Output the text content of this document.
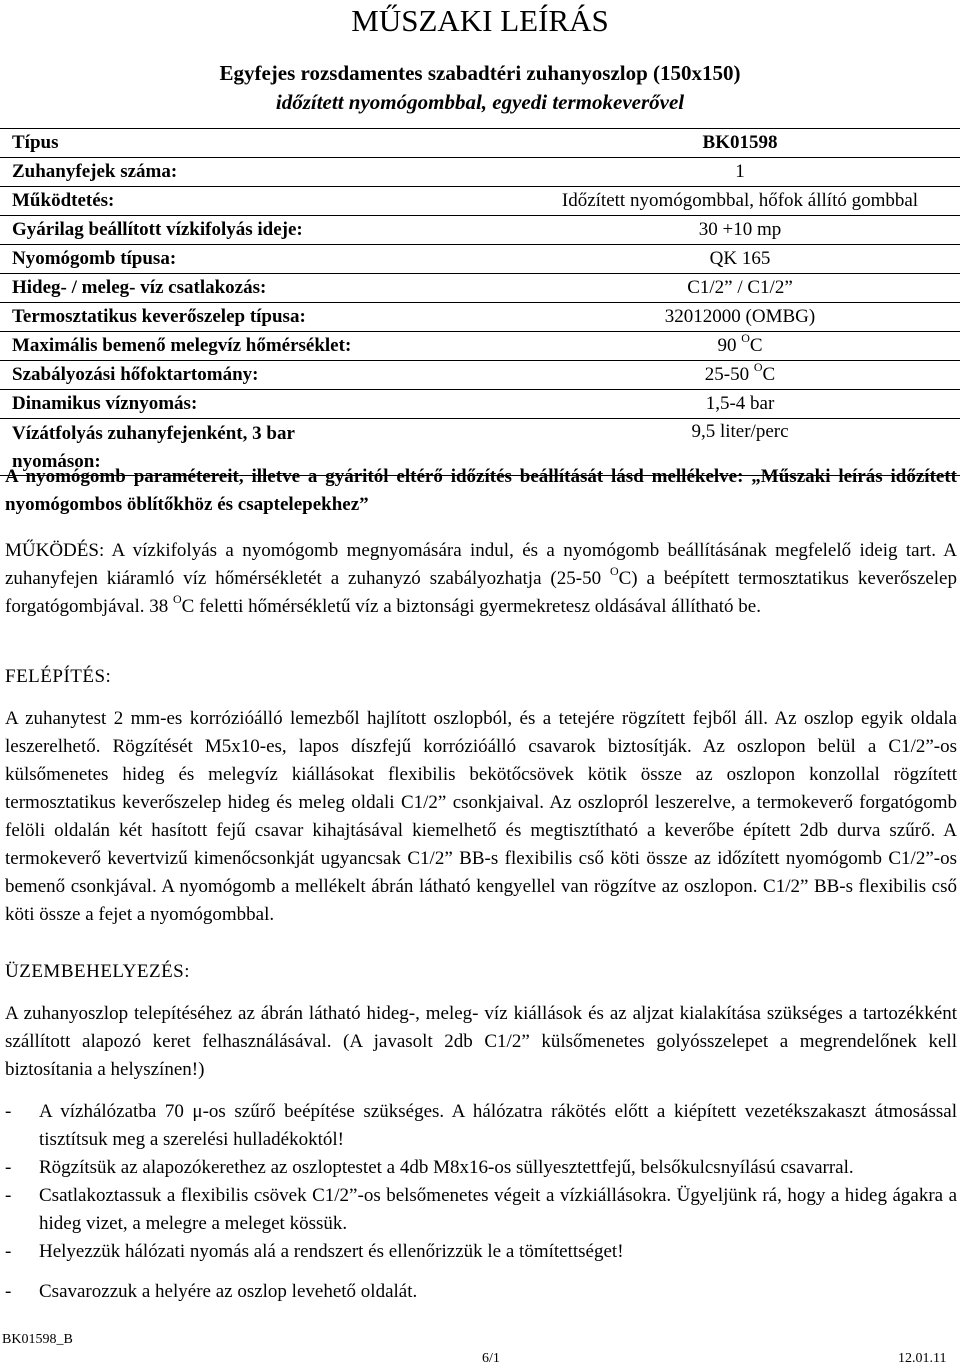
MŰSZAKI LEÍRÁS
Egyfejes rozsdamentes szabadtéri zuhanyoszlop (150x150)
időzített nyomógombbal, egyedi termokeverővel
Típus	BK01598
Zuhanyfejek száma:	1
Működtetés:	Időzített nyomógombbal, hőfok állító gombbal
Gyárilag beállított vízkifolyás ideje:	30 +10 mp
Nyomógomb típusa:	QK 165
Hideg- / meleg- víz csatlakozás:	C1/2” / C1/2”
Termosztatikus keverőszelep típusa:	32012000 (OMBG)
Maximális bemenő melegvíz hőmérséklet:	90 $^O$C
Szabályozási hőfoktartomány:	25-50 $^O$C
Dinamikus víznyomás:	1,5-4 bar
Vízátfolyás zuhanyfejenként, 3 bar nyomáson:
9,5 liter/perc
A nyomógomb paramétereit, illetve a gyáritól eltérő időzítés beállítását lásd mellékelve: „Műszaki leírás időzített nyomógombos öblítőkhöz és csaptelepekhez”
MŰKÖDÉS: A vízkifolyás a nyomógomb megnyomására indul, és a nyomógomb beállításának megfelelő ideig tart. A zuhanyfejen kiáramló víz hőmérsékletét a zuhanyzó szabályozhatja (25-50 $^O$C) a beépített termosztatikus keverőszelep forgatógombjával. 38 $^O$C feletti hőmérsékletű víz a biztonsági gyermekretesz oldásával állítható be.
FELÉPÍTÉS:
A zuhanytest 2 mm-es korrózióálló lemezből hajlított oszlopból, és a tetejére rögzített fejből áll. Az oszlop egyik oldala leszerelhető. Rögzítését M5x10-es, lapos díszfejű korrózióálló csavarok biztosítják. Az oszlopon belül a C1/2”-os külsőmenetes hideg és melegvíz kiállásokat flexibilis bekötőcsövek kötik össze az oszlopon konzollal rögzített termosztatikus keverőszelep hideg és meleg oldali C1/2” csonkjaival. Az oszlopról leszerelve, a termokeverő forgatógomb felöli oldalán két hasított fejű csavar kihajtásával kiemelhető és megtisztítható a keverőbe épített 2db durva szűrő. A termokeverő kevertvizű kimenőcsonkját ugyancsak C1/2” BB-s flexibilis cső köti össze az időzített nyomógomb C1/2”-os bemenő csonkjával. A nyomógomb a mellékelt ábrán látható kengyellel van rögzítve az oszlopon. C1/2” BB-s flexibilis cső köti össze a fejet a nyomógombbal.
ÜZEMBEHELYEZÉS:
A zuhanyoszlop telepítéséhez az ábrán látható hideg-, meleg- víz kiállások és az aljzat kialakítása szükséges a tartozékként szállított alapozó keret felhasználásával. (A javasolt 2db C1/2” külsőmenetes golyósszelepet a megrendelőnek kell biztosítania a helyszínen!)
- A vízhálózatba 70 μ-os szűrő beépítése szükséges. A hálózatra rákötés előtt a kiépített vezetékszakaszt átmosással tisztítsuk meg a szerelési hulladékoktól!
- Rögzítsük az alapozókerethez az oszloptestet a 4db M8x16-os süllyesztettfejű, belsőkulcsnyílású csavarral.
- Csatlakoztassuk a flexibilis csövek C1/2”-os belsőmenetes végeit a vízkiállásokra. Ügyeljünk rá, hogy a hideg ágakra a hideg vizet, a melegre a meleget kössük.
- Helyezzük hálózati nyomás alá a rendszert és ellenőrizzük le a tömítettséget!
- Csavarozzuk a helyére az oszlop levehető oldalát.
BK01598_B
6/1	12.01.11
